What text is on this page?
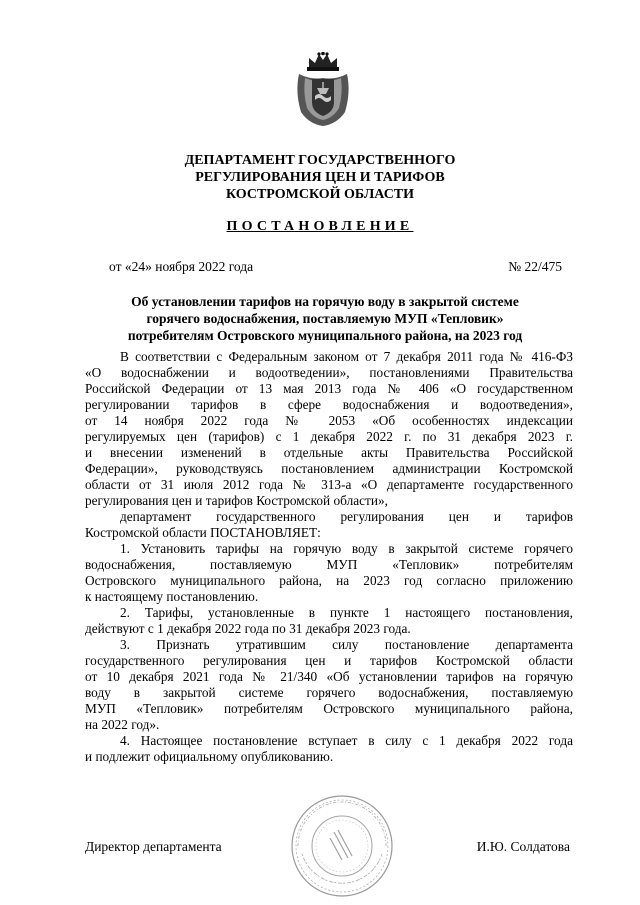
ДЕПАРТАМЕНТ ГОСУДАРСТВЕННОГО
РЕГУЛИРОВАНИЯ ЦЕН И ТАРИФОВ
КОСТРОМСКОЙ ОБЛАСТИ
ПОСТАНОВЛЕНИЕ
от «24» ноября 2022 года	№ 22/475
Об установлении тарифов на горячую воду в закрытой системе
горячего водоснабжения, поставляемую МУП «Тепловик»
потребителям Островского муниципального района, на 2023 год

В соответствии с Федеральным законом от 7 декабря 2011 года № 416-ФЗ

«О водоснабжении и водоотведении», постановлениями Правительства

Российской Федерации от 13 мая 2013 года № 406 «О государственном

регулировании тарифов в сфере водоснабжения и водоотведения»,

от 14 ноября 2022 года № 2053 «Об особенностях индексации

регулируемых цен (тарифов) с 1 декабря 2022 г. по 31 декабря 2023 г.

и внесении изменений в отдельные акты Правительства Российской

Федерации», руководствуясь постановлением администрации Костромской

области от 31 июля 2012 года № 313-а «О департаменте государственного

регулирования цен и тарифов Костромской области»,

департамент государственного регулирования цен и тарифов

Костромской области ПОСТАНОВЛЯЕТ:

1. Установить тарифы на горячую воду в закрытой системе горячего

водоснабжения, поставляемую МУП «Тепловик» потребителям

Островского муниципального района, на 2023 год согласно приложению

к настоящему постановлению.

2. Тарифы, установленные в пункте 1 настоящего постановления,

действуют с 1 декабря 2022 года по 31 декабря 2023 года.

3. Признать утратившим силу постановление департамента

государственного регулирования цен и тарифов Костромской области

от 10 декабря 2021 года № 21/340 «Об установлении тарифов на горячую

воду в закрытой системе горячего водоснабжения, поставляемую

МУП «Тепловик» потребителям Островского муниципального района,

на 2022 год».

4. Настоящее постановление вступает в силу с 1 декабря 2022 года

и подлежит официальному опубликованию.

Директор департамента	И.Ю. Солдатова
